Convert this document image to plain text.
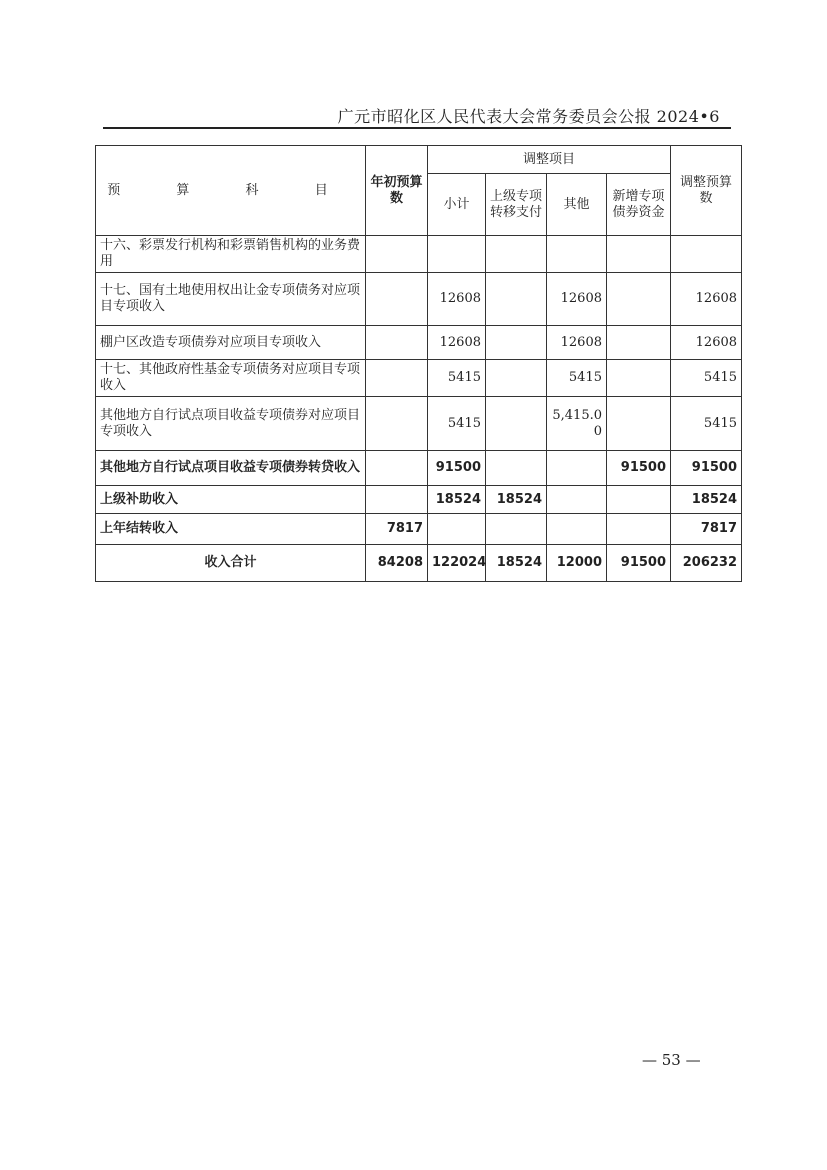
广元市昭化区人民代表大会常务委员会公报 2024•6
预 算 科 目	年初预算数	调整项目				调整预算数
		小计	上级专项转移支付	其他	新增专项债券资金	
十六、彩票发行机构和彩票销售机构的业务费用						
十七、国有土地使用权出让金专项债务对应项目专项收入		12608		12608		12608
棚户区改造专项债券对应项目专项收入		12608		12608		12608
十七、其他政府性基金专项债务对应项目专项收入		5415		5415		5415
其他地方自行试点项目收益专项债券对应项目专项收入		5415		5,415.00		5415
其他地方自行试点项目收益专项债券转贷收入		91500			91500	91500
上级补助收入		18524	18524			18524
上年结转收入	7817					7817
收入合计	84208	122024	18524	12000	91500	206232
— 53 —
